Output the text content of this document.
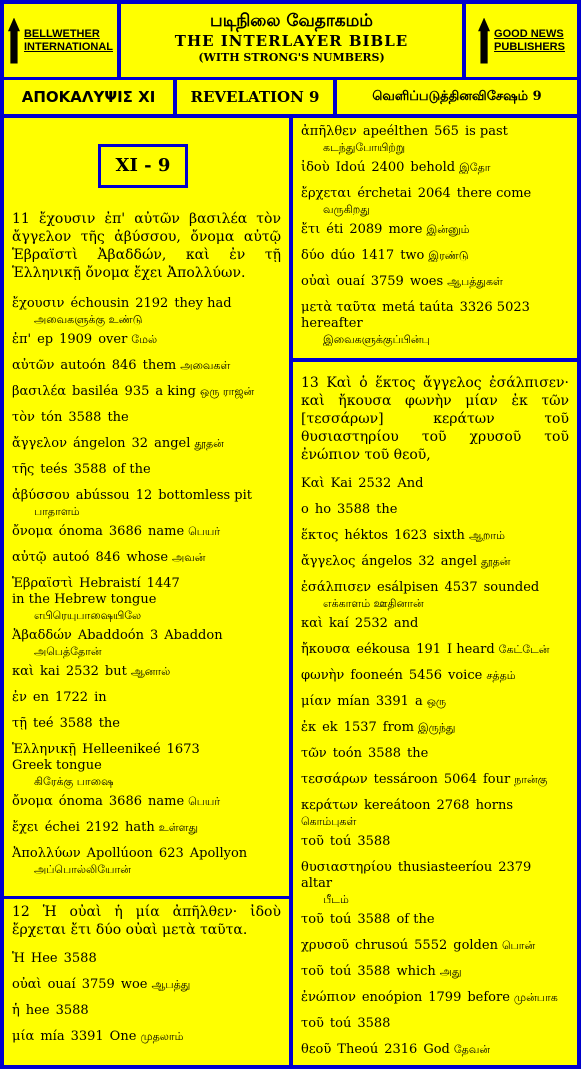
BELLWETHER
INTERNATIONAL
படிநிலை வேதாகமம்
THE INTERLAYER BIBLE
(WITH STRONG'S NUMBERS)
GOOD NEWS
PUBLISHERS
ΑΠΟΚΑΛΥΨΙΣ XI REVELATION 9	வெளிப்படுத்தினவிசேஷம் 9
XI - 9
11 ἔχουσιν ἐπ' αὐτῶν βασιλέα τὸν ἄγγελον τῆς ἀβύσσου, ὄνομα αὐτῷ Ἑβραϊστὶ Ἀβαδδών, καὶ ἐν τῇ Ἑλληνικῇ ὄνομα ἔχει Ἀπολλύων.
ἔχουσιν échousin 2192 they had
அவைகளுக்கு உண்டு
ἐπ' ep 1909 over மேல்
αὐτῶν autoón 846 them அவைகள்
βασιλέα basiléa 935 a king ஒரு ராஜன்
τὸν tón 3588 the
ἄγγελον ángelon 32 angel தூதன்
τῆς teés 3588 of the
ἀβύσσου abússou 12 bottomless pit
பாதாளம்
ὄνομα ónoma 3686 name பெயர்
αὐτῷ autoó 846 whose அவன்
Ἑβραϊστὶ Hebraistí 1447
in the Hebrew tongue
எபிரெயுபாஷையிலே
Ἀβαδδών Abaddoón 3 Abaddon
அபெத்தோன்
καὶ kai 2532 but ஆனால்
ἐν en 1722 in
τῇ teé 3588 the
Ἑλληνικῇ Helleenikeé 1673
Greek tongue
கிரேக்கு பாஷை
ὄνομα ónoma 3686 name பெயர்
ἔχει échei 2192 hath உள்ளது
Ἀπολλύων Apollúoon 623 Apollyon
அப்பொல்லியோன்
12 Ἡ οὐαὶ ἡ μία ἀπῆλθεν· ἰδοὺ ἔρχεται ἔτι δύο οὐαὶ μετὰ ταῦτα.
Ἡ Hee 3588
οὐαὶ ouaí 3759 woe ஆபத்து
ἡ hee 3588
μία mía 3391 One முதலாம்
ἀπῆλθεν apeélthen 565 is past
கடந்துபோயிற்று
ἰδοὺ Idoú 2400 behold இதோ
ἔρχεται érchetai 2064 there come
வருகிறது
ἔτι éti 2089 more இன்னும்
δύο dúo 1417 two இரண்டு
οὐαὶ ouaí 3759 woes ஆபத்துகள்
μετὰ ταῦτα metá taúta 3326 5023
hereafter
இவைகளுக்குப்பின்பு
13 Καὶ ὁ ἕκτος ἄγγελος ἐσάλπισεν· καὶ ἤκουσα φωνὴν μίαν ἐκ τῶν [τεσσάρων] κεράτων τοῦ θυσιαστηρίου τοῦ χρυσοῦ τοῦ ἐνώπιον τοῦ θεοῦ,
Καὶ Kai 2532 And
ο ho 3588 the
ἕκτος héktos 1623 sixth ஆறாம்
ἄγγελος ángelos 32 angel தூதன்
ἐσάλπισεν esálpisen 4537 sounded
எக்காளம் ஊதினான்
καὶ kaí 2532 and
ἤκουσα eékousa 191 I heard கேட்டேன்
φωνὴν fooneén 5456 voice சத்தம்
μίαν mían 3391 a ஒரு
ἐκ ek 1537 from இருந்து
τῶν toón 3588 the
τεσσάρων tessároon 5064 four நான்கு
κεράτων kereátoon 2768 horns
கொம்புகள்
τοῦ toú 3588
θυσιαστηρίου thusiasteeríou 2379
altar
பீடம்
τοῦ toú 3588 of the
χρυσοῦ chrusoú 5552 golden பொன்
τοῦ toú 3588 which அது
ἐνώπιον enoópion 1799 before முன்பாக
τοῦ toú 3588
θεοῦ Theoú 2316 God தேவன்
